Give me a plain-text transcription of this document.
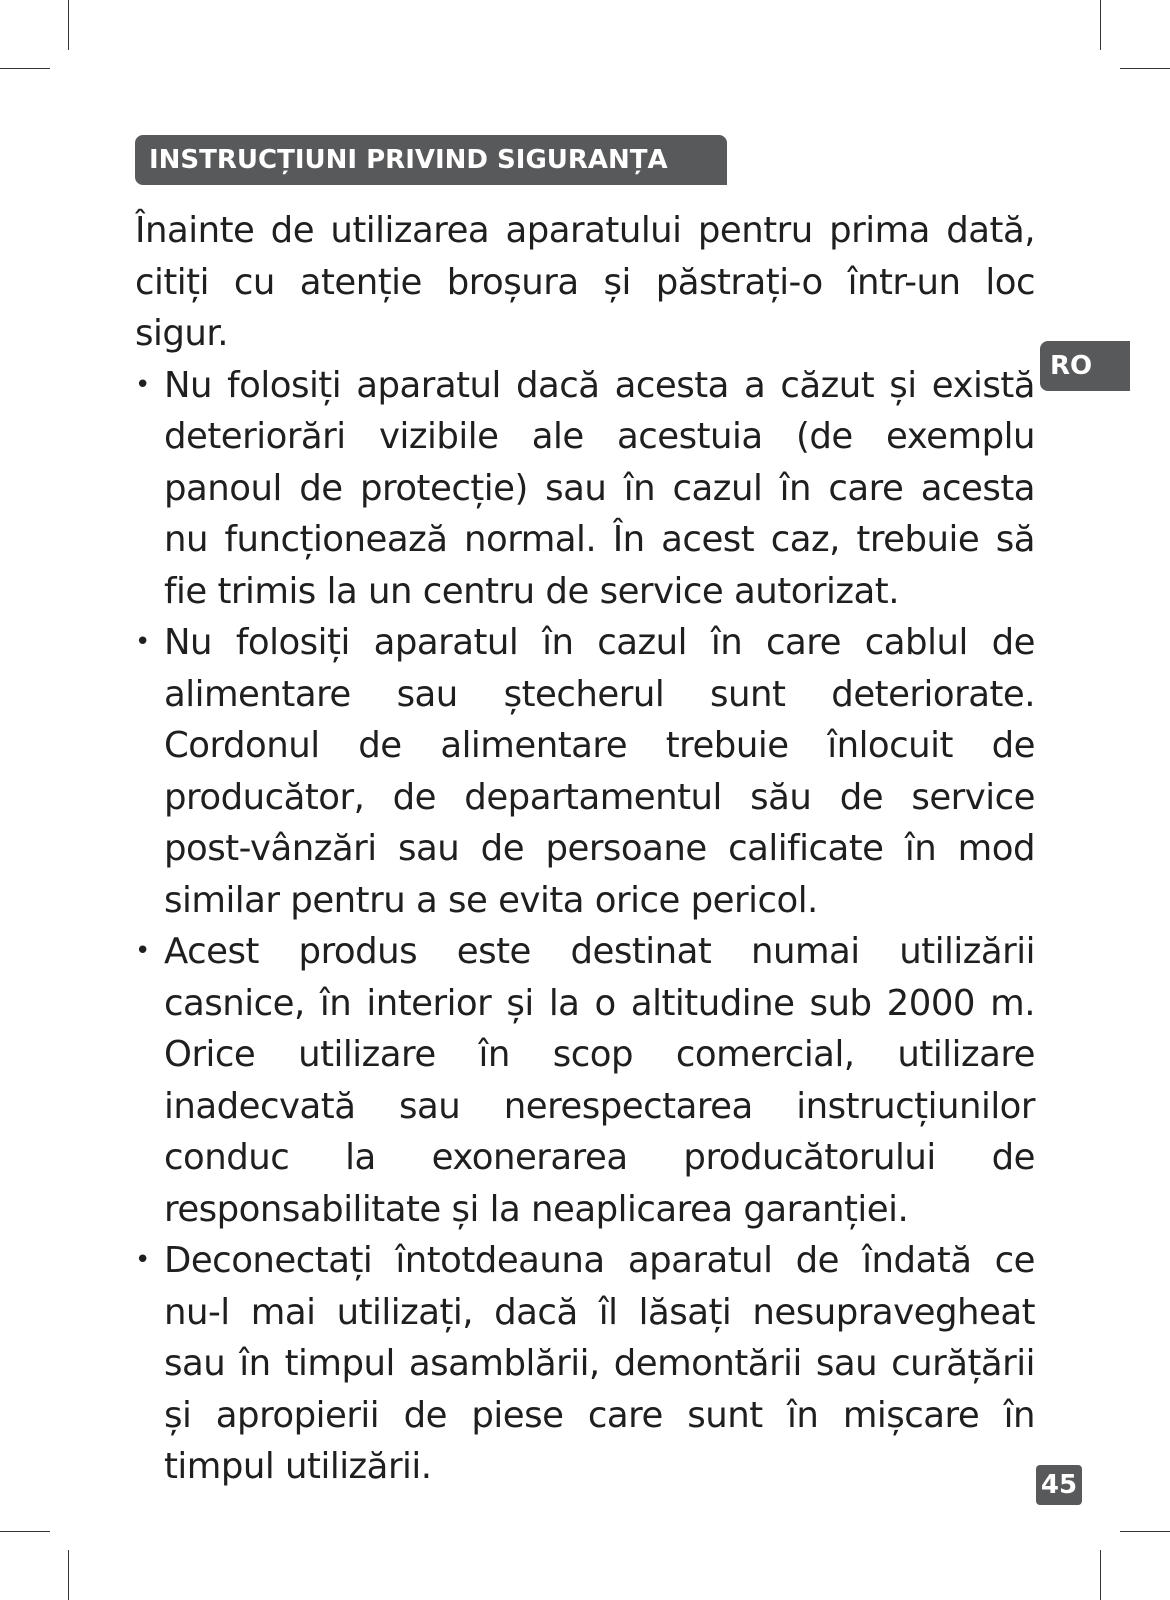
INSTRUCȚIUNI PRIVIND SIGURANȚA
RO

Înainte de utilizarea aparatului pentru prima dată, citiți cu atenție broșura și păstrați-o într-un loc sigur.

• Nu folosiți aparatul dacă acesta a căzut și există deteriorări vizibile ale acestuia (de exemplu panoul de protecție) sau în cazul în care acesta nu funcționează normal. În acest caz, trebuie să fie trimis la un centru de service autorizat.
• Nu folosiți aparatul în cazul în care cablul de alimentare sau ștecherul sunt deteriorate. Cordonul de alimentare trebuie înlocuit de producător, de departamentul său de service post-vânzări sau de persoane calificate în mod similar pentru a se evita orice pericol.
• Acest produs este destinat numai utilizării casnice, în interior și la o altitudine sub 2000 m. Orice utilizare în scop comercial, utilizare inadecvată sau nerespectarea instrucțiunilor conduc la exonerarea producătorului de responsabilitate și la neaplicarea garanției.
• Deconectați întotdeauna aparatul de îndată ce nu-l mai utilizați, dacă îl lăsați nesupravegheat sau în timpul asamblării, demontării sau curățării și apropierii de piese care sunt în mișcare în timpul utilizării.	45
